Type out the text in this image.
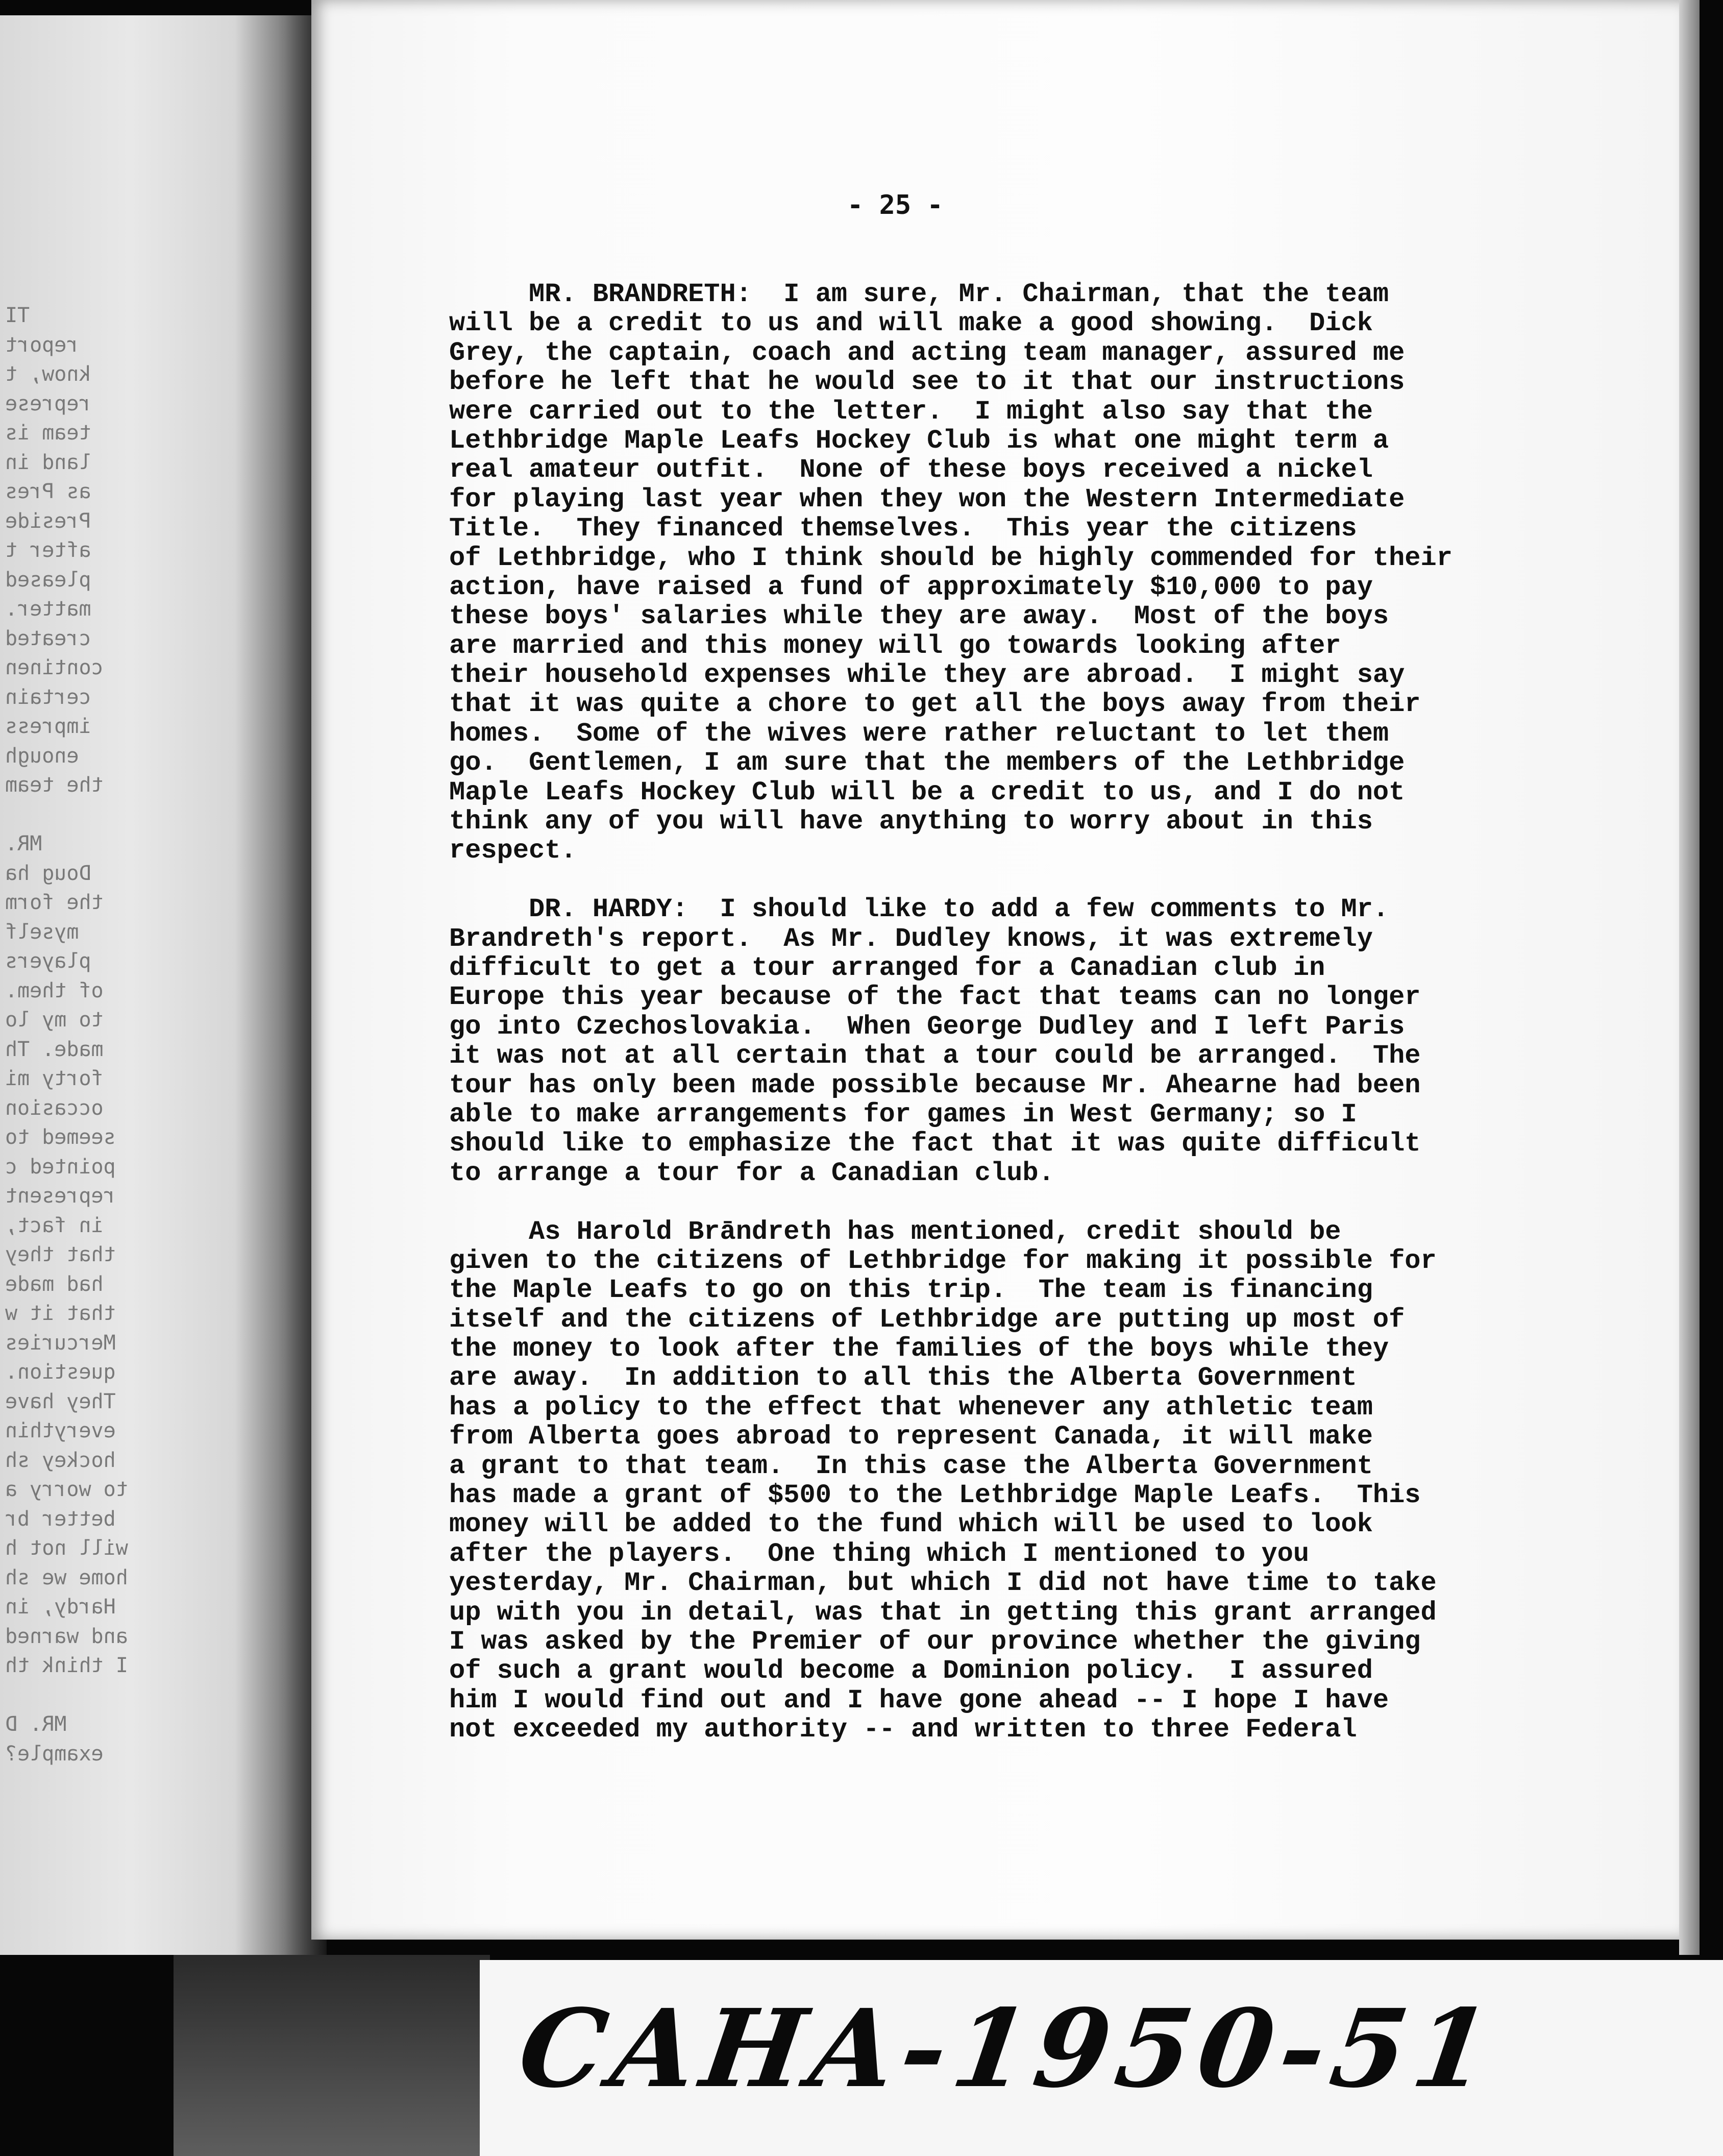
TI
report
know, t
represe
team is
land in
as Pres
Preside
after t
pleased
matter.
created
continen
certain
impress
enough
the team
MR.
Doug ha
the form
myself
players
of them.
to my lo
made. Th
forty mi
occasion
seemed to
pointed c
represent
in fact,
that they
had made
that it w
Mercuries
question.
They have
everythin
hockey sh
to worry a
better br
will not h
home we sh
Hardy, in
and warned
I think th
MR. D
example?
- 25 -
MR. BRANDRETH:  I am sure, Mr. Chairman, that the team
will be a credit to us and will make a good showing.  Dick
Grey, the captain, coach and acting team manager, assured me
before he left that he would see to it that our instructions
were carried out to the letter.  I might also say that the
Lethbridge Maple Leafs Hockey Club is what one might term a
real amateur outfit.  None of these boys received a nickel
for playing last year when they won the Western Intermediate
Title.  They financed themselves.  This year the citizens
of Lethbridge, who I think should be highly commended for their
action, have raised a fund of approximately $10,000 to pay
these boys' salaries while they are away.  Most of the boys
are married and this money will go towards looking after
their household expenses while they are abroad.  I might say
that it was quite a chore to get all the boys away from their
homes.  Some of the wives were rather reluctant to let them
go.  Gentlemen, I am sure that the members of the Lethbridge
Maple Leafs Hockey Club will be a credit to us, and I do not
think any of you will have anything to worry about in this
respect.
DR. HARDY:  I should like to add a few comments to Mr.
Brandreth's report.  As Mr. Dudley knows, it was extremely
difficult to get a tour arranged for a Canadian club in
Europe this year because of the fact that teams can no longer
go into Czechoslovakia.  When George Dudley and I left Paris
it was not at all certain that a tour could be arranged.  The
tour has only been made possible because Mr. Ahearne had been
able to make arrangements for games in West Germany; so I
should like to emphasize the fact that it was quite difficult
to arrange a tour for a Canadian club.
As Harold Brāndreth has mentioned, credit should be
given to the citizens of Lethbridge for making it possible for
the Maple Leafs to go on this trip.  The team is financing
itself and the citizens of Lethbridge are putting up most of
the money to look after the families of the boys while they
are away.  In addition to all this the Alberta Government
has a policy to the effect that whenever any athletic team
from Alberta goes abroad to represent Canada, it will make
a grant to that team.  In this case the Alberta Government
has made a grant of $500 to the Lethbridge Maple Leafs.  This
money will be added to the fund which will be used to look
after the players.  One thing which I mentioned to you
yesterday, Mr. Chairman, but which I did not have time to take
up with you in detail, was that in getting this grant arranged
I was asked by the Premier of our province whether the giving
of such a grant would become a Dominion policy.  I assured
him I would find out and I have gone ahead -- I hope I have
not exceeded my authority -- and written to three Federal
CAHA-1950-51
